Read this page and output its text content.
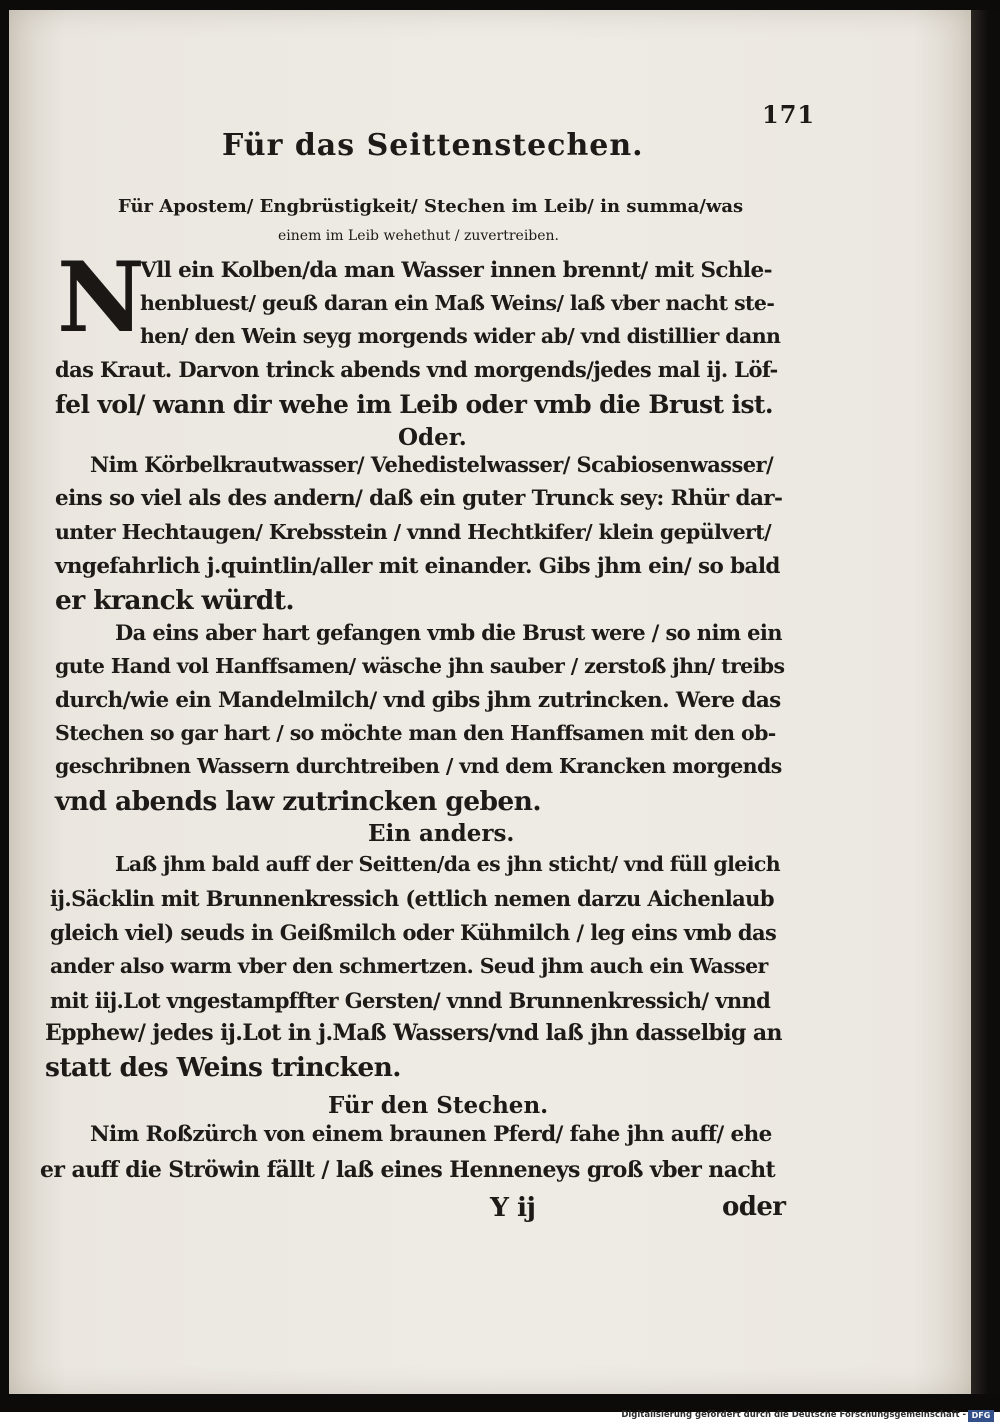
171
Für das Seittenstechen.
Für Apostem/ Engbrüstigkeit/ Stechen im Leib/ in summa/was
einem im Leib wehethut / zuvertreiben.
N
Vll ein Kolben/da man Wasser innen brennt/ mit Schle-
henbluest/ geuß daran ein Maß Weins/ laß vber nacht ste-
hen/ den Wein seyg morgends wider ab/ vnd distillier dann
das Kraut. Darvon trinck abends vnd morgends/jedes mal ij. Löf-
fel vol/ wann dir wehe im Leib oder vmb die Brust ist.
Oder.
Nim Körbelkrautwasser/ Vehedistelwasser/ Scabiosenwasser/
eins so viel als des andern/ daß ein guter Trunck sey: Rhür dar-
unter Hechtaugen/ Krebsstein / vnnd Hechtkifer/ klein gepülvert/
vngefahrlich j.quintlin/aller mit einander. Gibs jhm ein/ so bald
er kranck würdt.
Da eins aber hart gefangen vmb die Brust were / so nim ein
gute Hand vol Hanffsamen/ wäsche jhn sauber / zerstoß jhn/ treibs
durch/wie ein Mandelmilch/ vnd gibs jhm zutrincken. Were das
Stechen so gar hart / so möchte man den Hanffsamen mit den ob-
geschribnen Wassern durchtreiben / vnd dem Krancken morgends
vnd abends law zutrincken geben.
Ein anders.
Laß jhm bald auff der Seitten/da es jhn sticht/ vnd füll gleich
ij.Säcklin mit Brunnenkressich (ettlich nemen darzu Aichenlaub
gleich viel) seuds in Geißmilch oder Kühmilch / leg eins vmb das
ander also warm vber den schmertzen. Seud jhm auch ein Wasser
mit iij.Lot vngestampffter Gersten/ vnnd Brunnenkressich/ vnnd
Epphew/ jedes ij.Lot in j.Maß Wassers/vnd laß jhn dasselbig an
statt des Weins trincken.
Für den Stechen.
Nim Roßzürch von einem braunen Pferd/ fahe jhn auff/ ehe
er auff die Ströwin fällt / laß eines Henneneys groß vber nacht
Y ij	oder
Digitalisierung gefördert durch die Deutsche Forschungsgemeinschaft - DFG
